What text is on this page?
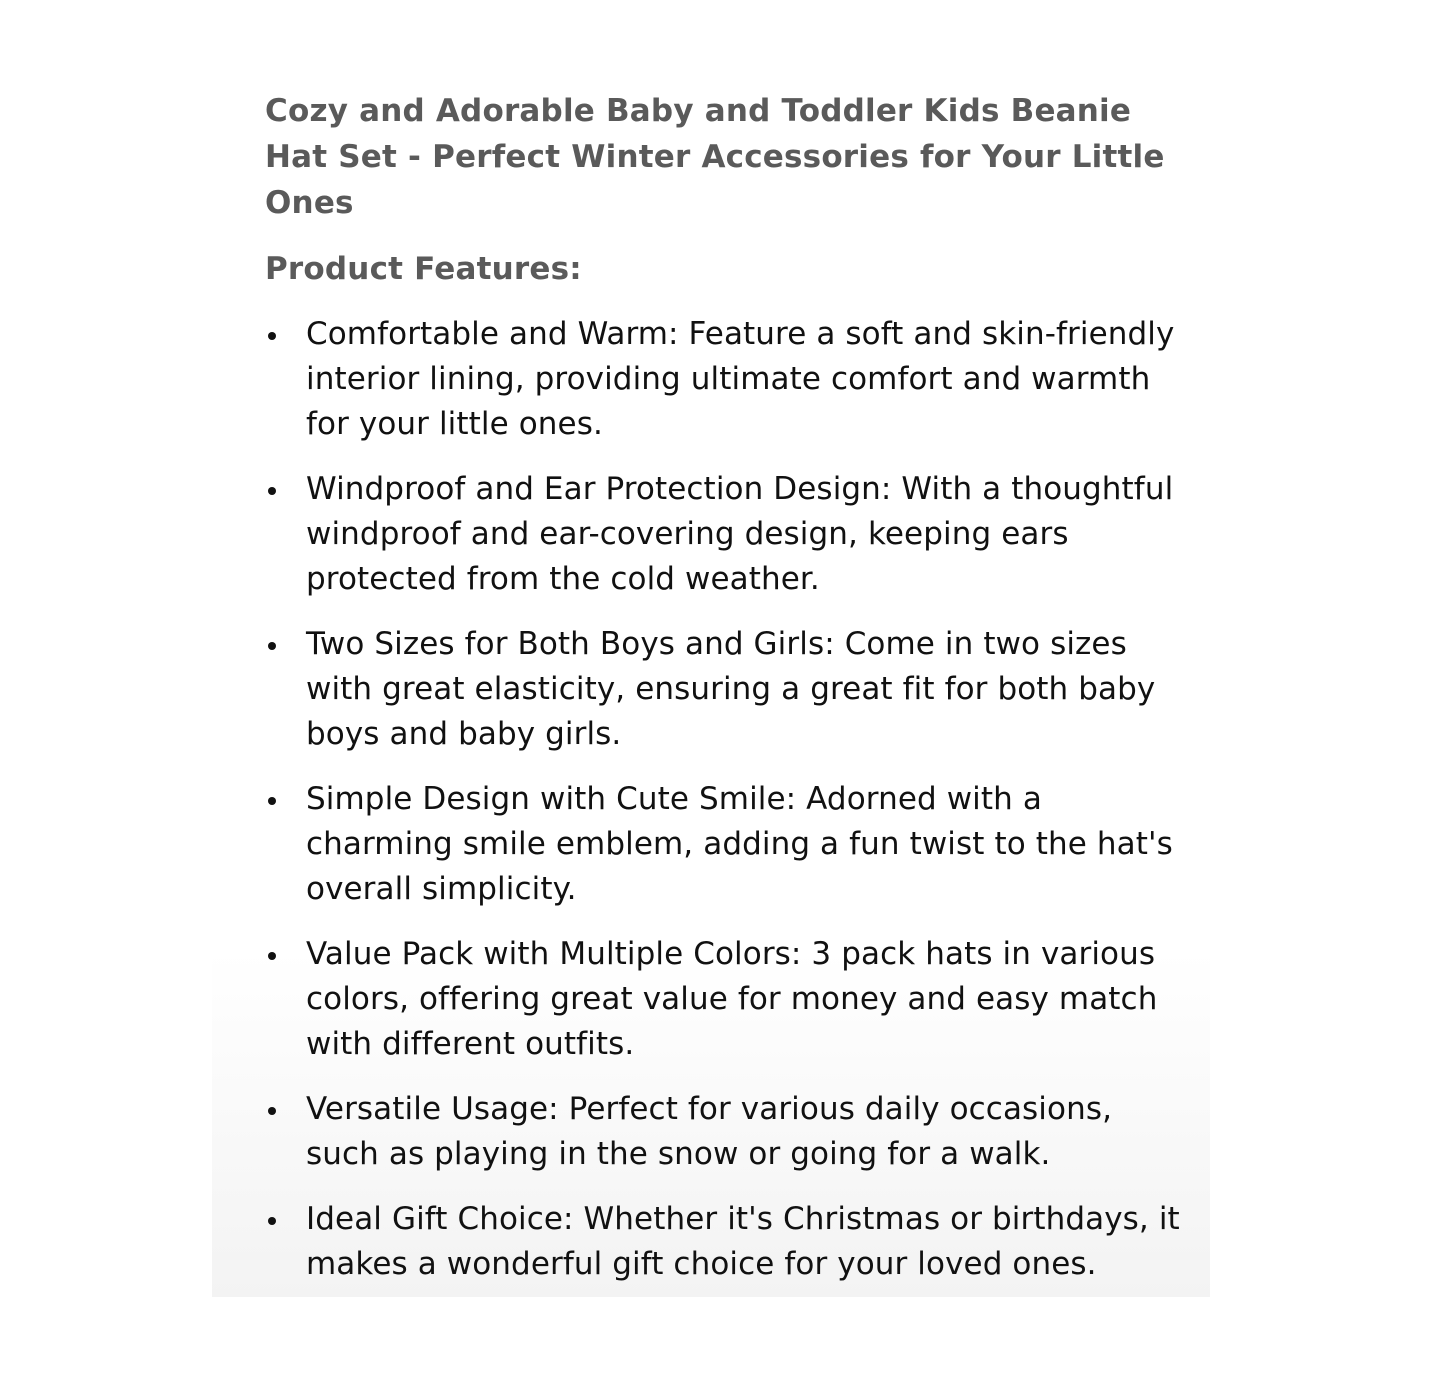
Cozy and Adorable Baby and Toddler Kids Beanie Hat Set - Perfect Winter Accessories for Your Little Ones
Product Features:
Comfortable and Warm: Feature a soft and skin-friendly interior lining, providing ultimate comfort and warmth for your little ones.
Windproof and Ear Protection Design: With a thoughtful windproof and ear-covering design, keeping ears protected from the cold weather.
Two Sizes for Both Boys and Girls: Come in two sizes with great elasticity, ensuring a great fit for both baby boys and baby girls.
Simple Design with Cute Smile: Adorned with a charming smile emblem, adding a fun twist to the hat's overall simplicity.
Value Pack with Multiple Colors: 3 pack hats in various colors, offering great value for money and easy match with different outfits.
Versatile Usage: Perfect for various daily occasions, such as playing in the snow or going for a walk.
Ideal Gift Choice: Whether it's Christmas or birthdays, it makes a wonderful gift choice for your loved ones.
